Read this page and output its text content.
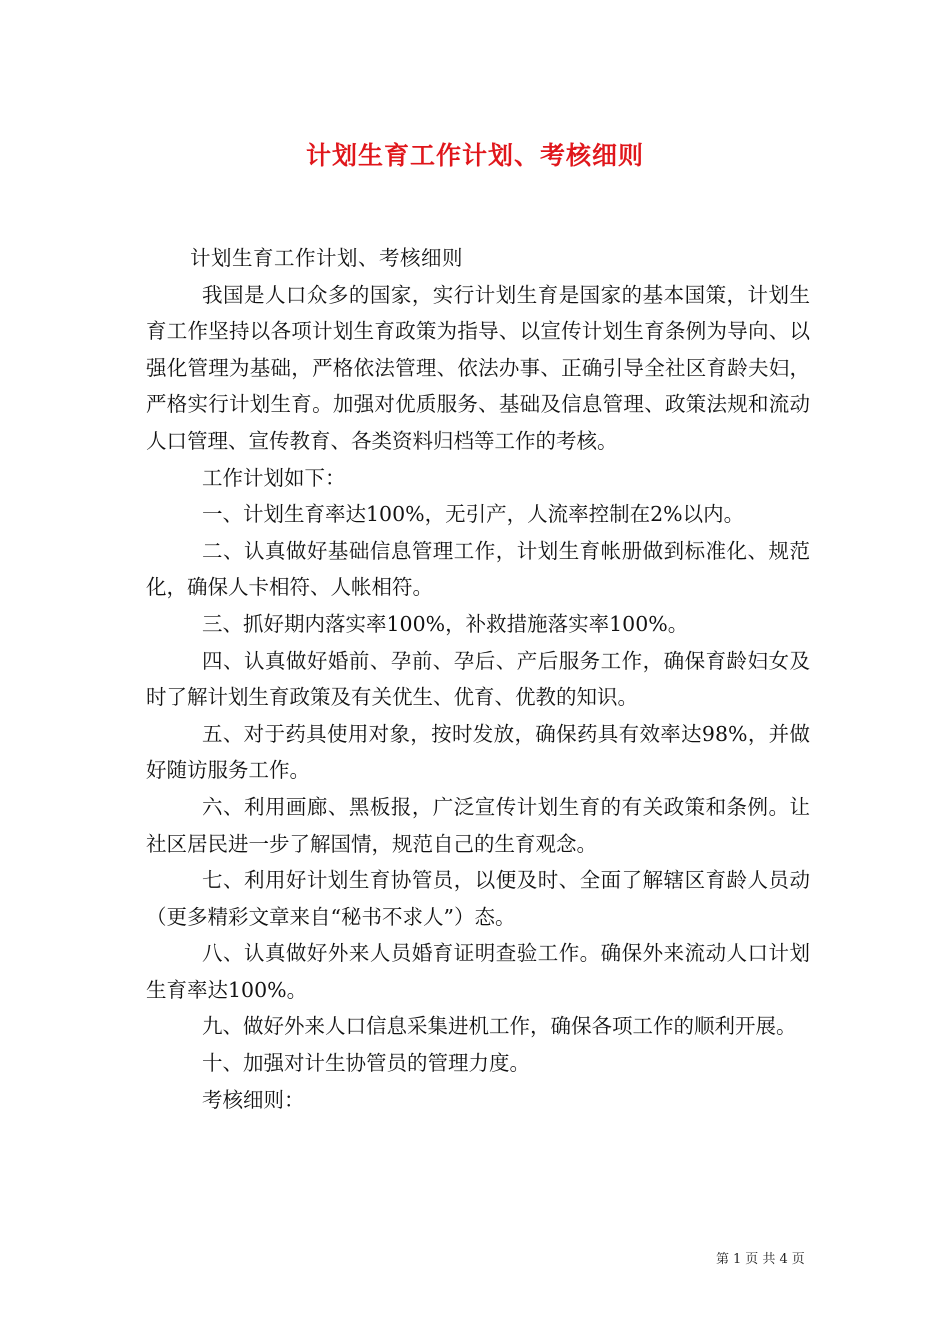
计划生育工作计划、考核细则

计划生育工作计划、考核细则

我国是人口众多的国家，实行计划生育是国家的基本国策，计划生育工作坚持以各项计划生育政策为指导、以宣传计划生育条例为导向、以强化管理为基础，严格依法管理、依法办事、正确引导全社区育龄夫妇，严格实行计划生育。加强对优质服务、基础及信息管理、政策法规和流动人口管理、宣传教育、各类资料归档等工作的考核。

工作计划如下：

一、计划生育率达100%，无引产，人流率控制在2%以内。

二、认真做好基础信息管理工作，计划生育帐册做到标准化、规范化，确保人卡相符、人帐相符。

三、抓好期内落实率100%，补救措施落实率100%。

四、认真做好婚前、孕前、孕后、产后服务工作，确保育龄妇女及时了解计划生育政策及有关优生、优育、优教的知识。

五、对于药具使用对象，按时发放，确保药具有效率达98%，并做好随访服务工作。

六、利用画廊、黑板报，广泛宣传计划生育的有关政策和条例。让社区居民进一步了解国情，规范自己的生育观念。

七、利用好计划生育协管员，以便及时、全面了解辖区育龄人员动（更多精彩文章来自“秘书不求人”）态。

八、认真做好外来人员婚育证明查验工作。确保外来流动人口计划生育率达100%。

九、做好外来人口信息采集进机工作，确保各项工作的顺利开展。

十、加强对计生协管员的管理力度。

考核细则：

第 1 页 共 4 页
